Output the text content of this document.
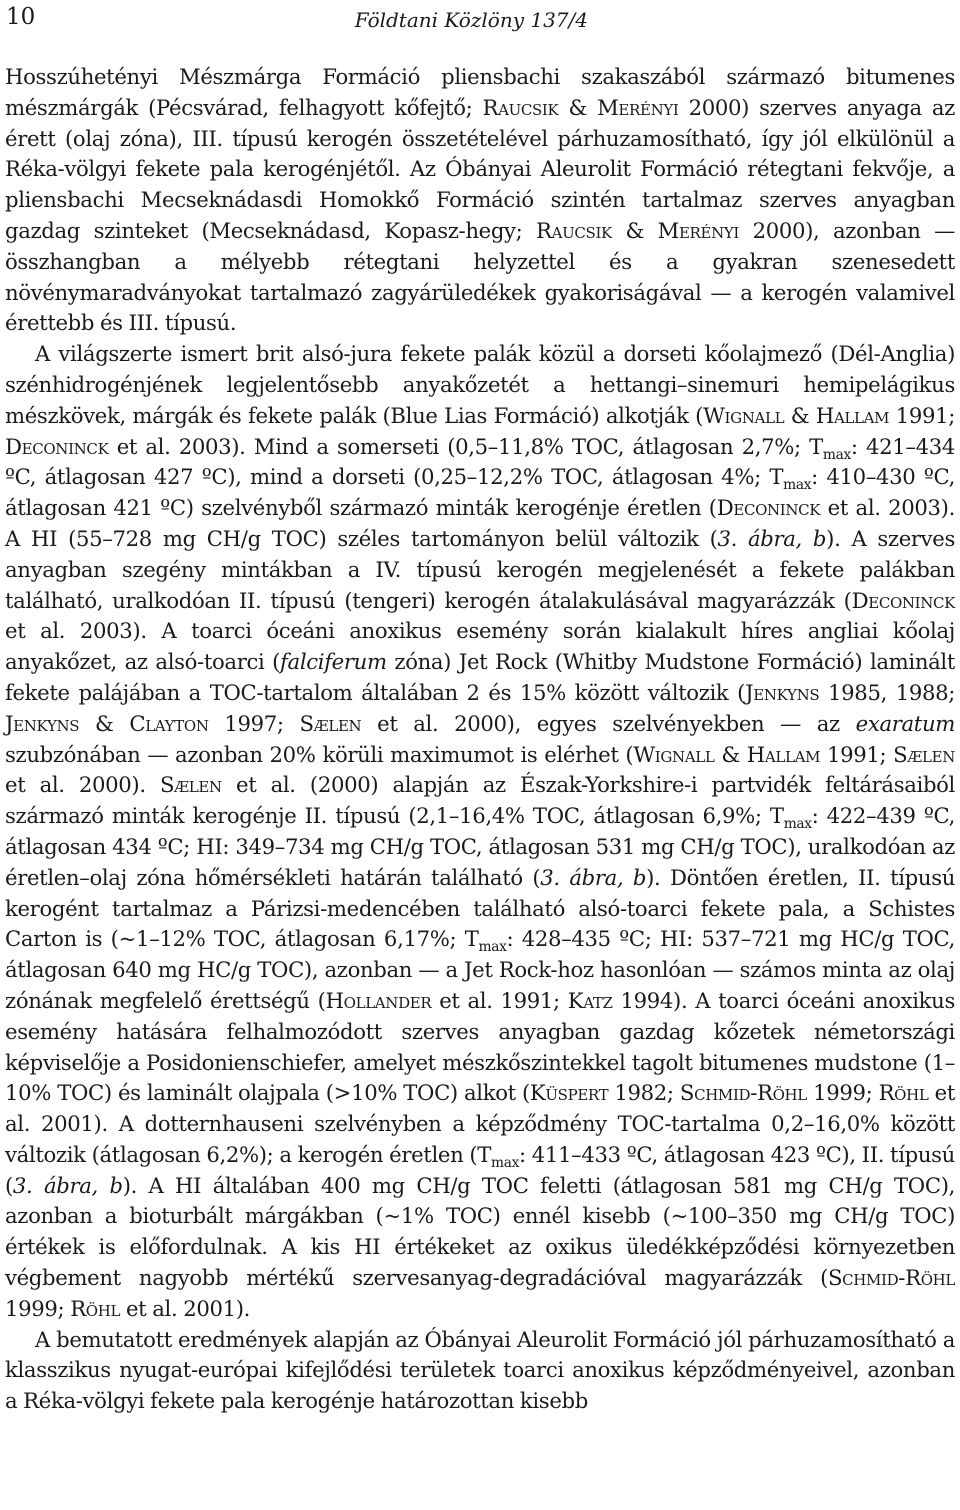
10	Földtani Közlöny 137/4

Hosszúhetényi Mészmárga Formáció pliensbachi szakaszából származó bitumenes mészmárgák (Pécsvárad, felhagyott kőfejtő; Raucsik & Merényi 2000) szerves anyaga az érett (olaj zóna), III. típusú kerogén összetételével párhuzamosítható, így jól elkülönül a Réka-völgyi fekete pala kerogénjétől. Az Óbányai Aleurolit Formáció rétegtani fekvője, a pliensbachi Mecseknádasdi Homokkő Formáció szintén tartalmaz szerves anyagban gazdag szinteket (Mecseknádasd, Kopasz-hegy; Raucsik & Merényi 2000), azonban — összhangban a mélyebb rétegtani helyzettel és a gyakran szenesedett növénymaradványokat tartalmazó zagyárüledékek gyakoriságával — a kerogén valamivel érettebb és III. típusú.

A világszerte ismert brit alsó-jura fekete palák közül a dorseti kőolajmező (Dél-Anglia) szénhidrogénjének legjelentősebb anyakőzetét a hettangi–sinemuri hemipelágikus mészkövek, márgák és fekete palák (Blue Lias Formáció) alkotják (Wignall & Hallam 1991; Deconinck et al. 2003). Mind a somerseti (0,5–11,8% TOC, átlagosan 2,7%; $T_{max}$: 421–434 ºC, átlagosan 427 ºC), mind a dorseti (0,25–12,2% TOC, átlagosan 4%; $T_{max}$: 410–430 ºC, átlagosan 421 ºC) szelvényből származó minták kerogénje éretlen (Deconinck et al. 2003). A HI (55–728 mg CH/g TOC) széles tartományon belül változik (3. ábra, b). A szerves anyagban szegény mintákban a IV. típusú kerogén megjelenését a fekete palákban található, uralkodóan II. típusú (tengeri) kerogén átalakulásával magyarázzák (Deconinck et al. 2003). A toarci óceáni anoxikus esemény során kialakult híres angliai kőolaj anyakőzet, az alsó-toarci (falciferum zóna) Jet Rock (Whitby Mudstone Formáció) laminált fekete palájában a TOC-tartalom általában 2 és 15% között változik (Jenkyns 1985, 1988; Jenkyns & Clayton 1997; Sælen et al. 2000), egyes szelvényekben — az exaratum szubzónában — azonban 20% körüli maximumot is elérhet (Wignall & Hallam 1991; Sælen et al. 2000). Sælen et al. (2000) alapján az Észak-Yorkshire-i partvidék feltárásaiból származó minták kerogénje II. típusú (2,1–16,4% TOC, átlagosan 6,9%; $T_{max}$: 422–439 ºC, átlagosan 434 ºC; HI: 349–734 mg CH/g TOC, átlagosan 531 mg CH/g TOC), uralkodóan az éretlen–olaj zóna hőmérsékleti határán található (3. ábra, b). Döntően éretlen, II. típusú kerogént tartalmaz a Párizsi-medencében található alsó-toarci fekete pala, a Schistes Carton is (~1–12% TOC, átlagosan 6,17%; $T_{max}$: 428–435 ºC; HI: 537–721 mg HC/g TOC, átlagosan 640 mg HC/g TOC), azonban — a Jet Rock-hoz hasonlóan — számos minta az olaj zónának megfelelő érettségű (Hollander et al. 1991; Katz 1994). A toarci óceáni anoxikus esemény hatására felhalmozódott szerves anyagban gazdag kőzetek németországi képviselője a Posidonienschiefer, amelyet mészkőszintekkel tagolt bitumenes mudstone (1–10% TOC) és laminált olajpala (>10% TOC) alkot (Küspert 1982; Schmid-Röhl 1999; Röhl et al. 2001). A dotternhauseni szelvényben a képződmény TOC-tartalma 0,2–16,0% között változik (átlagosan 6,2%); a kerogén éretlen ($T_{max}$: 411–433 ºC, átlagosan 423 ºC), II. típusú (3. ábra, b). A HI általában 400 mg CH/g TOC feletti (átlagosan 581 mg CH/g TOC), azonban a bioturbált márgákban (~1% TOC) ennél kisebb (~100–350 mg CH/g TOC) értékek is előfordulnak. A kis HI értékeket az oxikus üledékképződési környezetben végbement nagyobb mértékű szervesanyag-degradációval magyarázzák (Schmid-Röhl 1999; Röhl et al. 2001).

A bemutatott eredmények alapján az Óbányai Aleurolit Formáció jól párhuzamosítható a klasszikus nyugat-európai kifejlődési területek toarci anoxikus képződményeivel, azonban a Réka-völgyi fekete pala kerogénje határozottan kisebb
